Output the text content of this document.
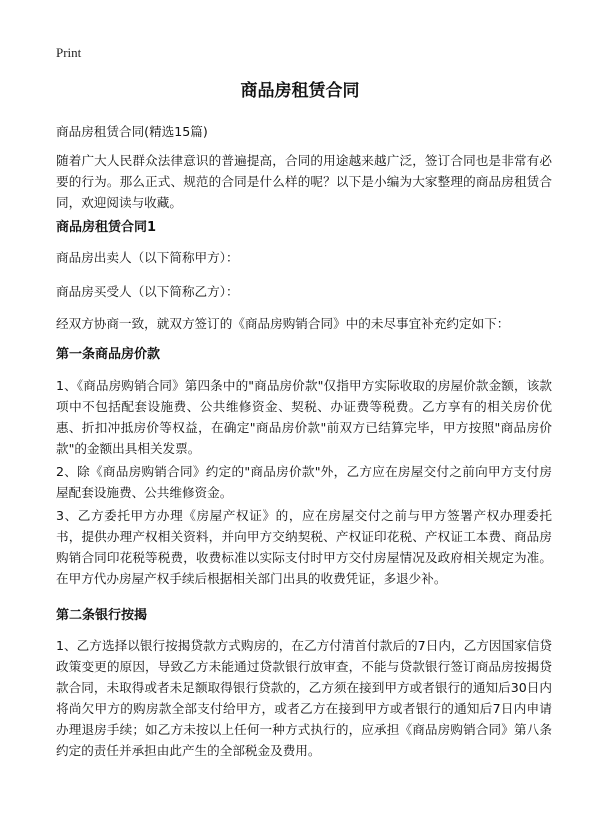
Print
商品房租赁合同

商品房租赁合同(精选15篇)

随着广大人民群众法律意识的普遍提高，合同的用途越来越广泛，签订合同也是非常有必要的行为。那么正式、规范的合同是什么样的呢？以下是小编为大家整理的商品房租赁合同，欢迎阅读与收藏。

商品房租赁合同1

商品房出卖人（以下简称甲方）：

商品房买受人（以下简称乙方）：

经双方协商一致，就双方签订的《商品房购销合同》中的未尽事宜补充约定如下：

第一条商品房价款

1、《商品房购销合同》第四条中的"商品房价款"仅指甲方实际收取的房屋价款金额，该款项中不包括配套设施费、公共维修资金、契税、办证费等税费。乙方享有的相关房价优惠、折扣冲抵房价等权益，在确定"商品房价款"前双方已结算完毕，甲方按照"商品房价款"的金额出具相关发票。

2、除《商品房购销合同》约定的"商品房价款"外，乙方应在房屋交付之前向甲方支付房屋配套设施费、公共维修资金。

3、乙方委托甲方办理《房屋产权证》的，应在房屋交付之前与甲方签署产权办理委托书，提供办理产权相关资料，并向甲方交纳契税、产权证印花税、产权证工本费、商品房购销合同印花税等税费，收费标准以实际支付时甲方交付房屋情况及政府相关规定为准。在甲方代办房屋产权手续后根据相关部门出具的收费凭证，多退少补。

第二条银行按揭

1、乙方选择以银行按揭贷款方式购房的，在乙方付清首付款后的7日内，乙方因国家信贷政策变更的原因，导致乙方未能通过贷款银行放审查，不能与贷款银行签订商品房按揭贷款合同，未取得或者未足额取得银行贷款的，乙方须在接到甲方或者银行的通知后30日内将尚欠甲方的购房款全部支付给甲方，或者乙方在接到甲方或者银行的通知后7日内申请办理退房手续；如乙方未按以上任何一种方式执行的，应承担《商品房购销合同》第八条约定的责任并承担由此产生的全部税金及费用。
